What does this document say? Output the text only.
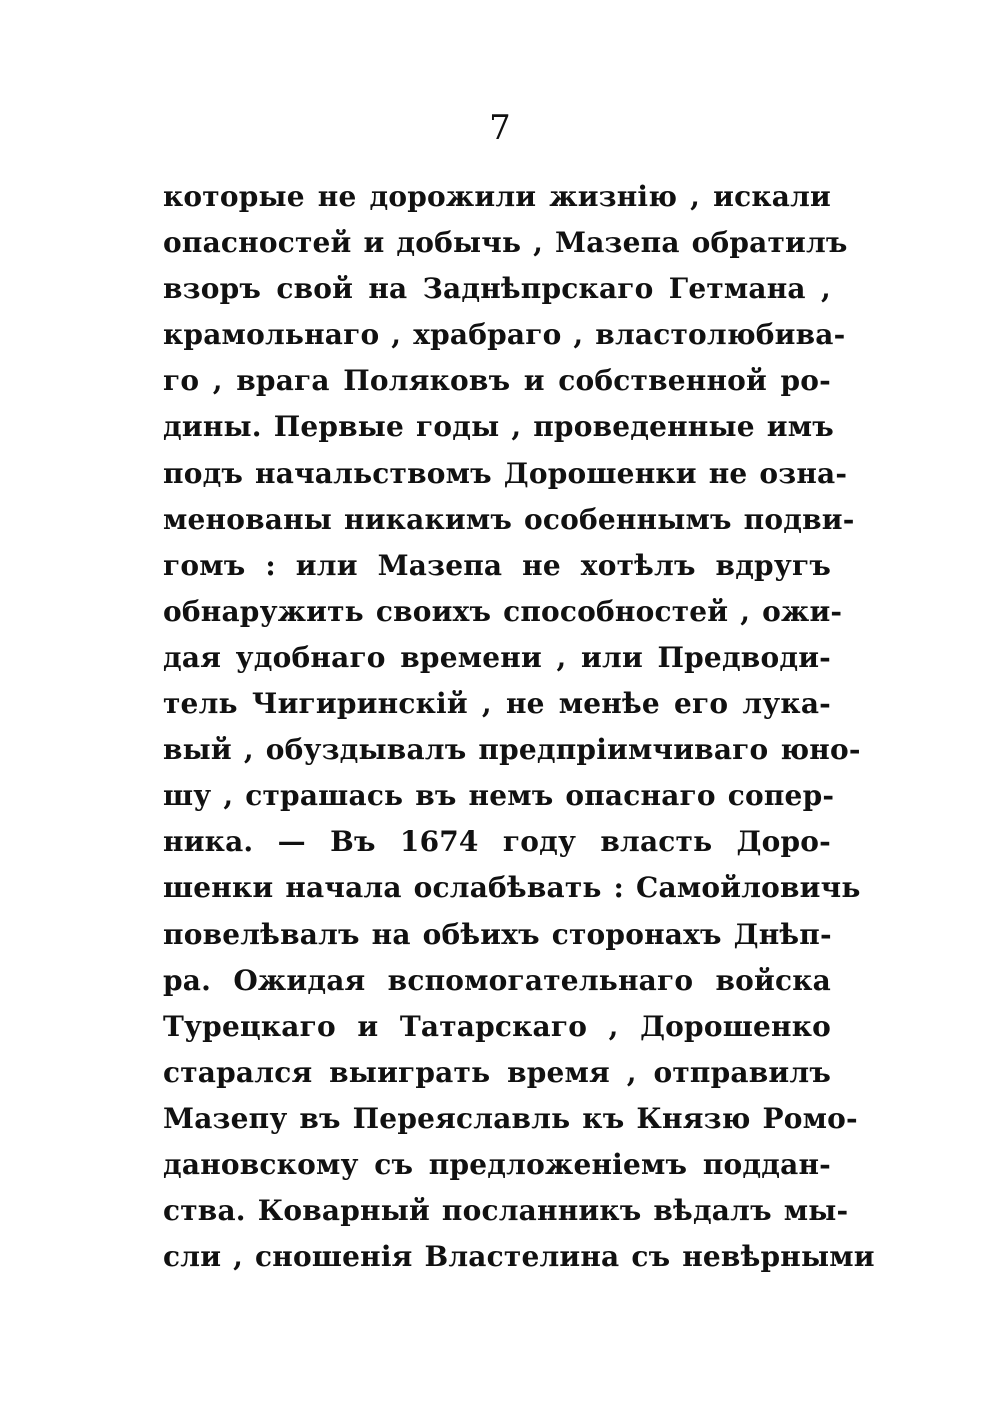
7
которые не дорожили жизнію , искали
опасностей и добычь , Мазепа обратилъ
взоръ свой на Заднѣпрскаго Гетмана ,
крамольнаго , храбраго , властолюбива-
го , врага Поляковъ и собственной ро-
дины. Первые годы , проведенные имъ
подъ начальствомъ Дорошенки не озна-
менованы никакимъ особеннымъ подви-
гомъ : или Мазепа не хотѣлъ вдругъ
обнаружить своихъ способностей , ожи-
дая удобнаго времени , или Предводи-
тель Чигиринскій , не менѣе его лука-
вый , обуздывалъ предпріимчиваго юно-
шу , страшась въ немъ опаснаго сопер-
ника. — Въ 1674 году власть Доро-
шенки начала ослабѣвать : Самойловичь
повелѣвалъ на обѣихъ сторонахъ Днѣп-
ра. Ожидая вспомогательнаго войска
Турецкаго и Татарскаго , Дорошенко
старался выиграть время , отправилъ
Мазепу въ Переяславль къ Князю Ромо-
дановскому съ предложеніемъ поддан-
ства. Коварный посланникъ вѣдалъ мы-
сли , сношенія Властелина съ невѣрными
